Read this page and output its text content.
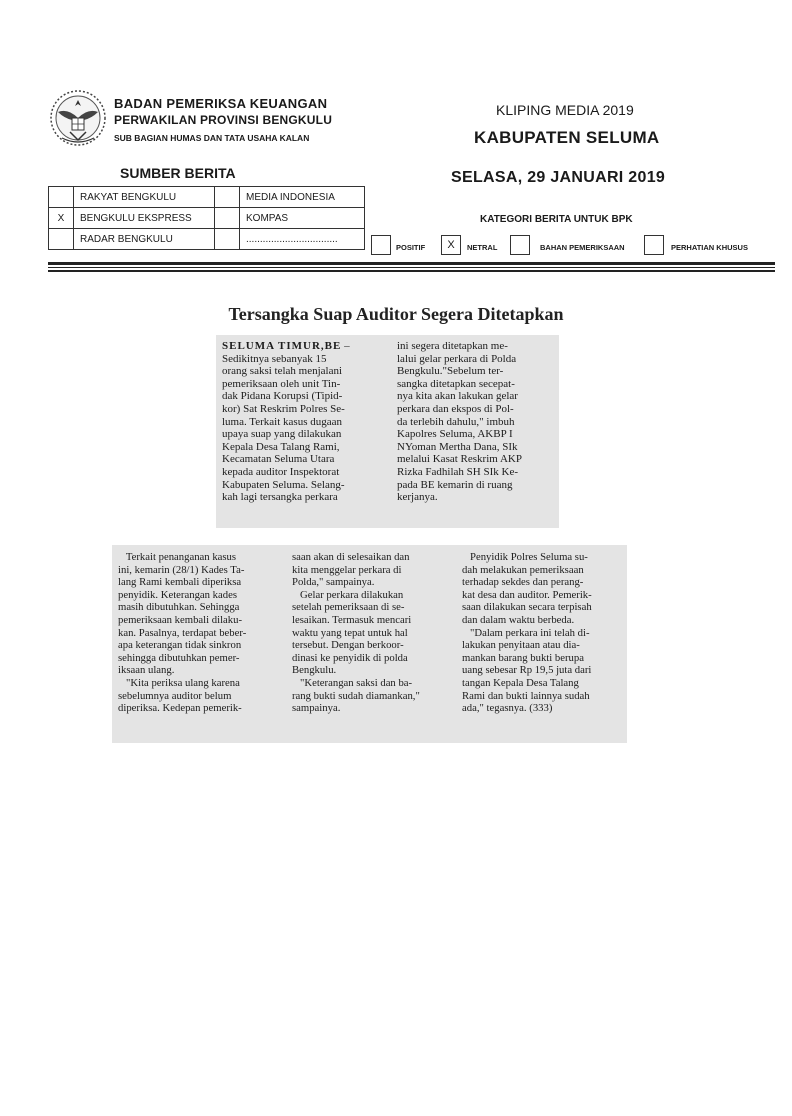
BADAN PEMERIKSA KEUANGAN
PERWAKILAN PROVINSI BENGKULU
SUB BAGIAN HUMAS DAN TATA USAHA KALAN
KLIPING MEDIA 2019
KABUPATEN SELUMA
SELASA, 29 JANUARI 2019
SUMBER BERITA
	RAKYAT BENGKULU		MEDIA INDONESIA
X	BENGKULU EKSPRESS		KOMPAS
	RADAR BENGKULU		.................................
KATEGORI BERITA UNTUK BPK
POSITIF	X	NETRAL	BAHAN PEMERIKSAAN	PERHATIAN KHUSUS
Tersangka Suap Auditor Segera Ditetapkan
SELUMA TIMUR,BE –
Sedikitnya sebanyak 15
orang saksi telah menjalani
pemeriksaan oleh unit Tin-
dak Pidana Korupsi (Tipid-
kor) Sat Reskrim Polres Se-
luma. Terkait kasus dugaan
upaya suap yang dilakukan
Kepala Desa Talang Rami,
Kecamatan Seluma Utara
kepada auditor Inspektorat
Kabupaten Seluma. Selang-
kah lagi tersangka perkara
ini segera ditetapkan me-
lalui gelar perkara di Polda
Bengkulu."Sebelum ter-
sangka ditetapkan secepat-
nya kita akan lakukan gelar
perkara dan ekspos di Pol-
da terlebih dahulu," imbuh
Kapolres Seluma, AKBP I
NYoman Mertha Dana, SIk
melalui Kasat Reskrim AKP
Rizka Fadhilah SH SIk Ke-
pada BE kemarin di ruang
kerjanya.
Terkait penanganan kasus
ini, kemarin (28/1) Kades Ta-
lang Rami kembali diperiksa
penyidik. Keterangan kades
masih dibutuhkan. Sehingga
pemeriksaan kembali dilaku-
kan. Pasalnya, terdapat beber-
apa keterangan tidak sinkron
sehingga dibutuhkan pemer-
iksaan ulang.
"Kita periksa ulang karena
sebelumnya auditor belum
diperiksa. Kedepan pemerik-
saan akan di selesaikan dan
kita menggelar perkara di
Polda," sampainya.
Gelar perkara dilakukan
setelah pemeriksaan di se-
lesaikan. Termasuk mencari
waktu yang tepat untuk hal
tersebut. Dengan berkoor-
dinasi ke penyidik di polda
Bengkulu.
"Keterangan saksi dan ba-
rang bukti sudah diamankan,"
sampainya.
Penyidik Polres Seluma su-
dah melakukan pemeriksaan
terhadap sekdes dan perang-
kat desa dan auditor. Pemerik-
saan dilakukan secara terpisah
dan dalam waktu berbeda.
"Dalam perkara ini telah di-
lakukan penyitaan atau dia-
mankan barang bukti berupa
uang sebesar Rp 19,5 juta dari
tangan Kepala Desa Talang
Rami dan bukti lainnya sudah
ada," tegasnya. (333)
